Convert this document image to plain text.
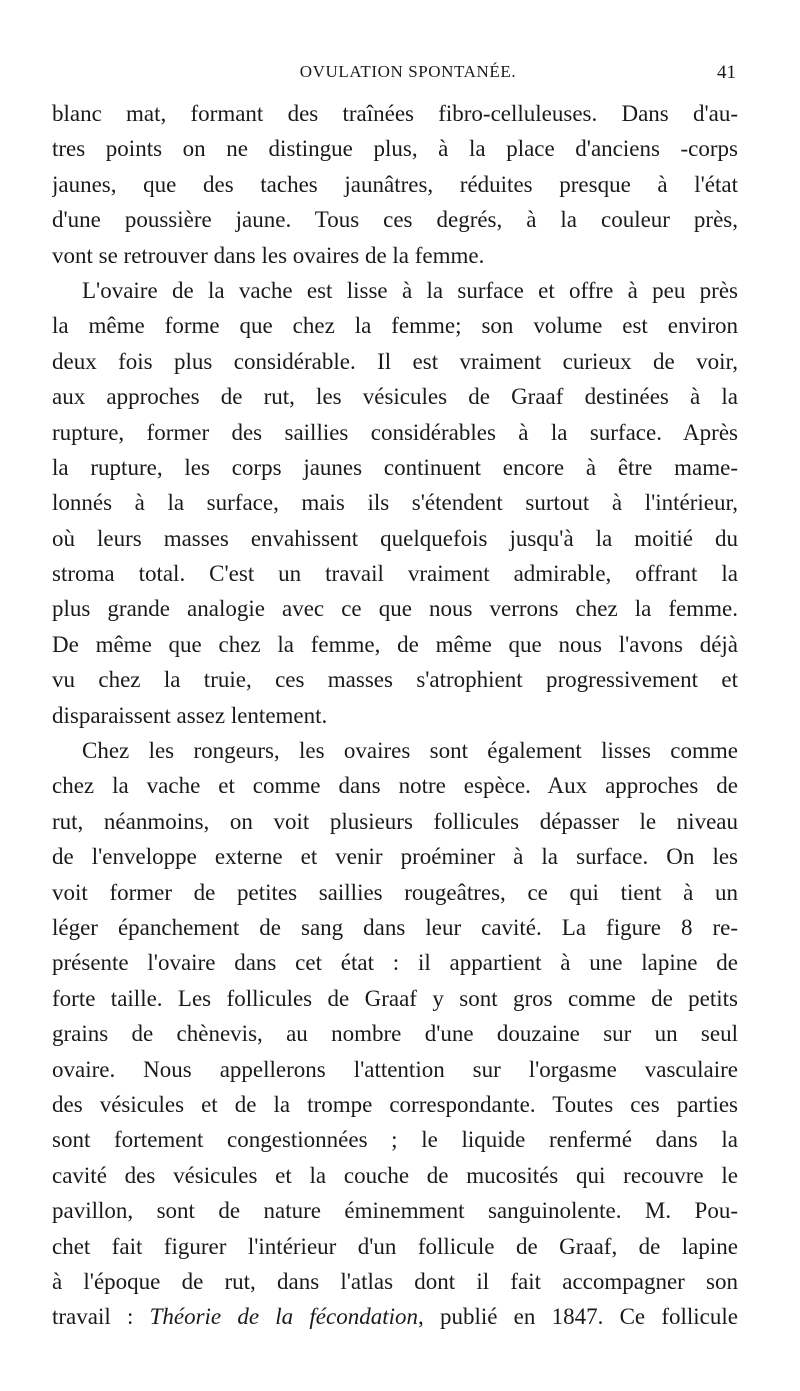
OVULATION SPONTANÉE.	41
blanc mat, formant des traînées fibro-celluleuses. Dans d'au-
tres points on ne distingue plus, à la place d'anciens -corps
jaunes, que des taches jaunâtres, réduites presque à l'état
d'une poussière jaune. Tous ces degrés, à la couleur près,
vont se retrouver dans les ovaires de la femme.
L'ovaire de la vache est lisse à la surface et offre à peu près
la même forme que chez la femme; son volume est environ
deux fois plus considérable. Il est vraiment curieux de voir,
aux approches de rut, les vésicules de Graaf destinées à la
rupture, former des saillies considérables à la surface. Après
la rupture, les corps jaunes continuent encore à être mame-
lonnés à la surface, mais ils s'étendent surtout à l'intérieur,
où leurs masses envahissent quelquefois jusqu'à la moitié du
stroma total. C'est un travail vraiment admirable, offrant la
plus grande analogie avec ce que nous verrons chez la femme.
De même que chez la femme, de même que nous l'avons déjà
vu chez la truie, ces masses s'atrophient progressivement et
disparaissent assez lentement.
Chez les rongeurs, les ovaires sont également lisses comme
chez la vache et comme dans notre espèce. Aux approches de
rut, néanmoins, on voit plusieurs follicules dépasser le niveau
de l'enveloppe externe et venir proéminer à la surface. On les
voit former de petites saillies rougeâtres, ce qui tient à un
léger épanchement de sang dans leur cavité. La figure 8 re-
présente l'ovaire dans cet état : il appartient à une lapine de
forte taille. Les follicules de Graaf y sont gros comme de petits
grains de chènevis, au nombre d'une douzaine sur un seul
ovaire. Nous appellerons l'attention sur l'orgasme vasculaire
des vésicules et de la trompe correspondante. Toutes ces parties
sont fortement congestionnées ; le liquide renfermé dans la
cavité des vésicules et la couche de mucosités qui recouvre le
pavillon, sont de nature éminemment sanguinolente. M. Pou-
chet fait figurer l'intérieur d'un follicule de Graaf, de lapine
à l'époque de rut, dans l'atlas dont il fait accompagner son
travail : Théorie de la fécondation, publié en 1847. Ce follicule
